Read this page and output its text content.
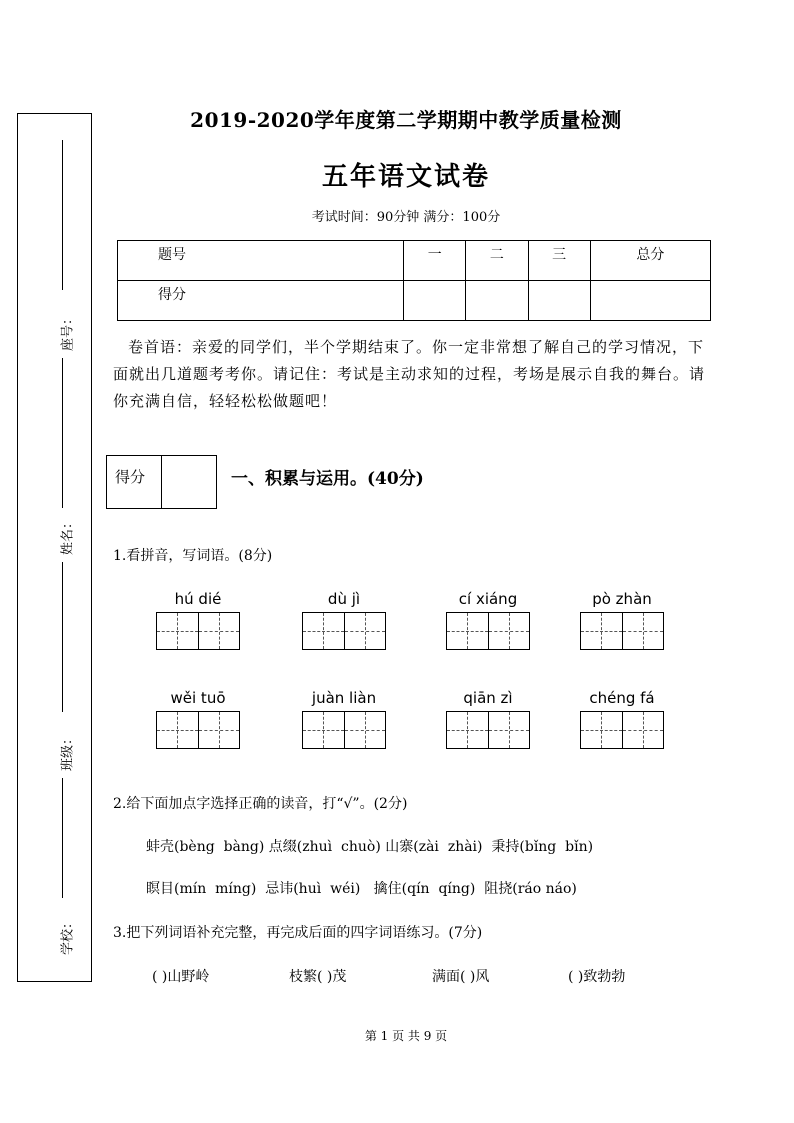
座号：
姓名：
班级：
学校：
2019-2020学年度第二学期期中教学质量检测
五年语文试卷
考试时间：90分钟 满分：100分
题号	一	二	三	总分
得分				
卷首语：亲爱的同学们，半个学期结束了。你一定非常想了解自己的学习情况，下面就出几道题考考你。请记住：考试是主动求知的过程，考场是展示自我的舞台。请你充满自信，轻轻松松做题吧！
得分	一、积累与运用。(40分)
1.看拼音，写词语。(8分)
hú dié	dù jì	cí xiáng	pò zhàn
wěi tuō	juàn liàn	qiān zì	chéng fá
2.给下面加点字选择正确的读音，打“√”。(2分)
蚌壳(bèng  bàng) 点缀(zhuì  chuò) 山寨(zài  zhài)  秉持(bǐng  bǐn)
瞑目(mín  míng)  忌讳(huì  wéi)   擒住(qín  qíng)  阻挠(ráo náo)
3.把下列词语补充完整，再完成后面的四字词语练习。(7分)
( )山野岭	枝繁( )茂	满面( )风	( )致勃勃
第 1 页 共 9 页
